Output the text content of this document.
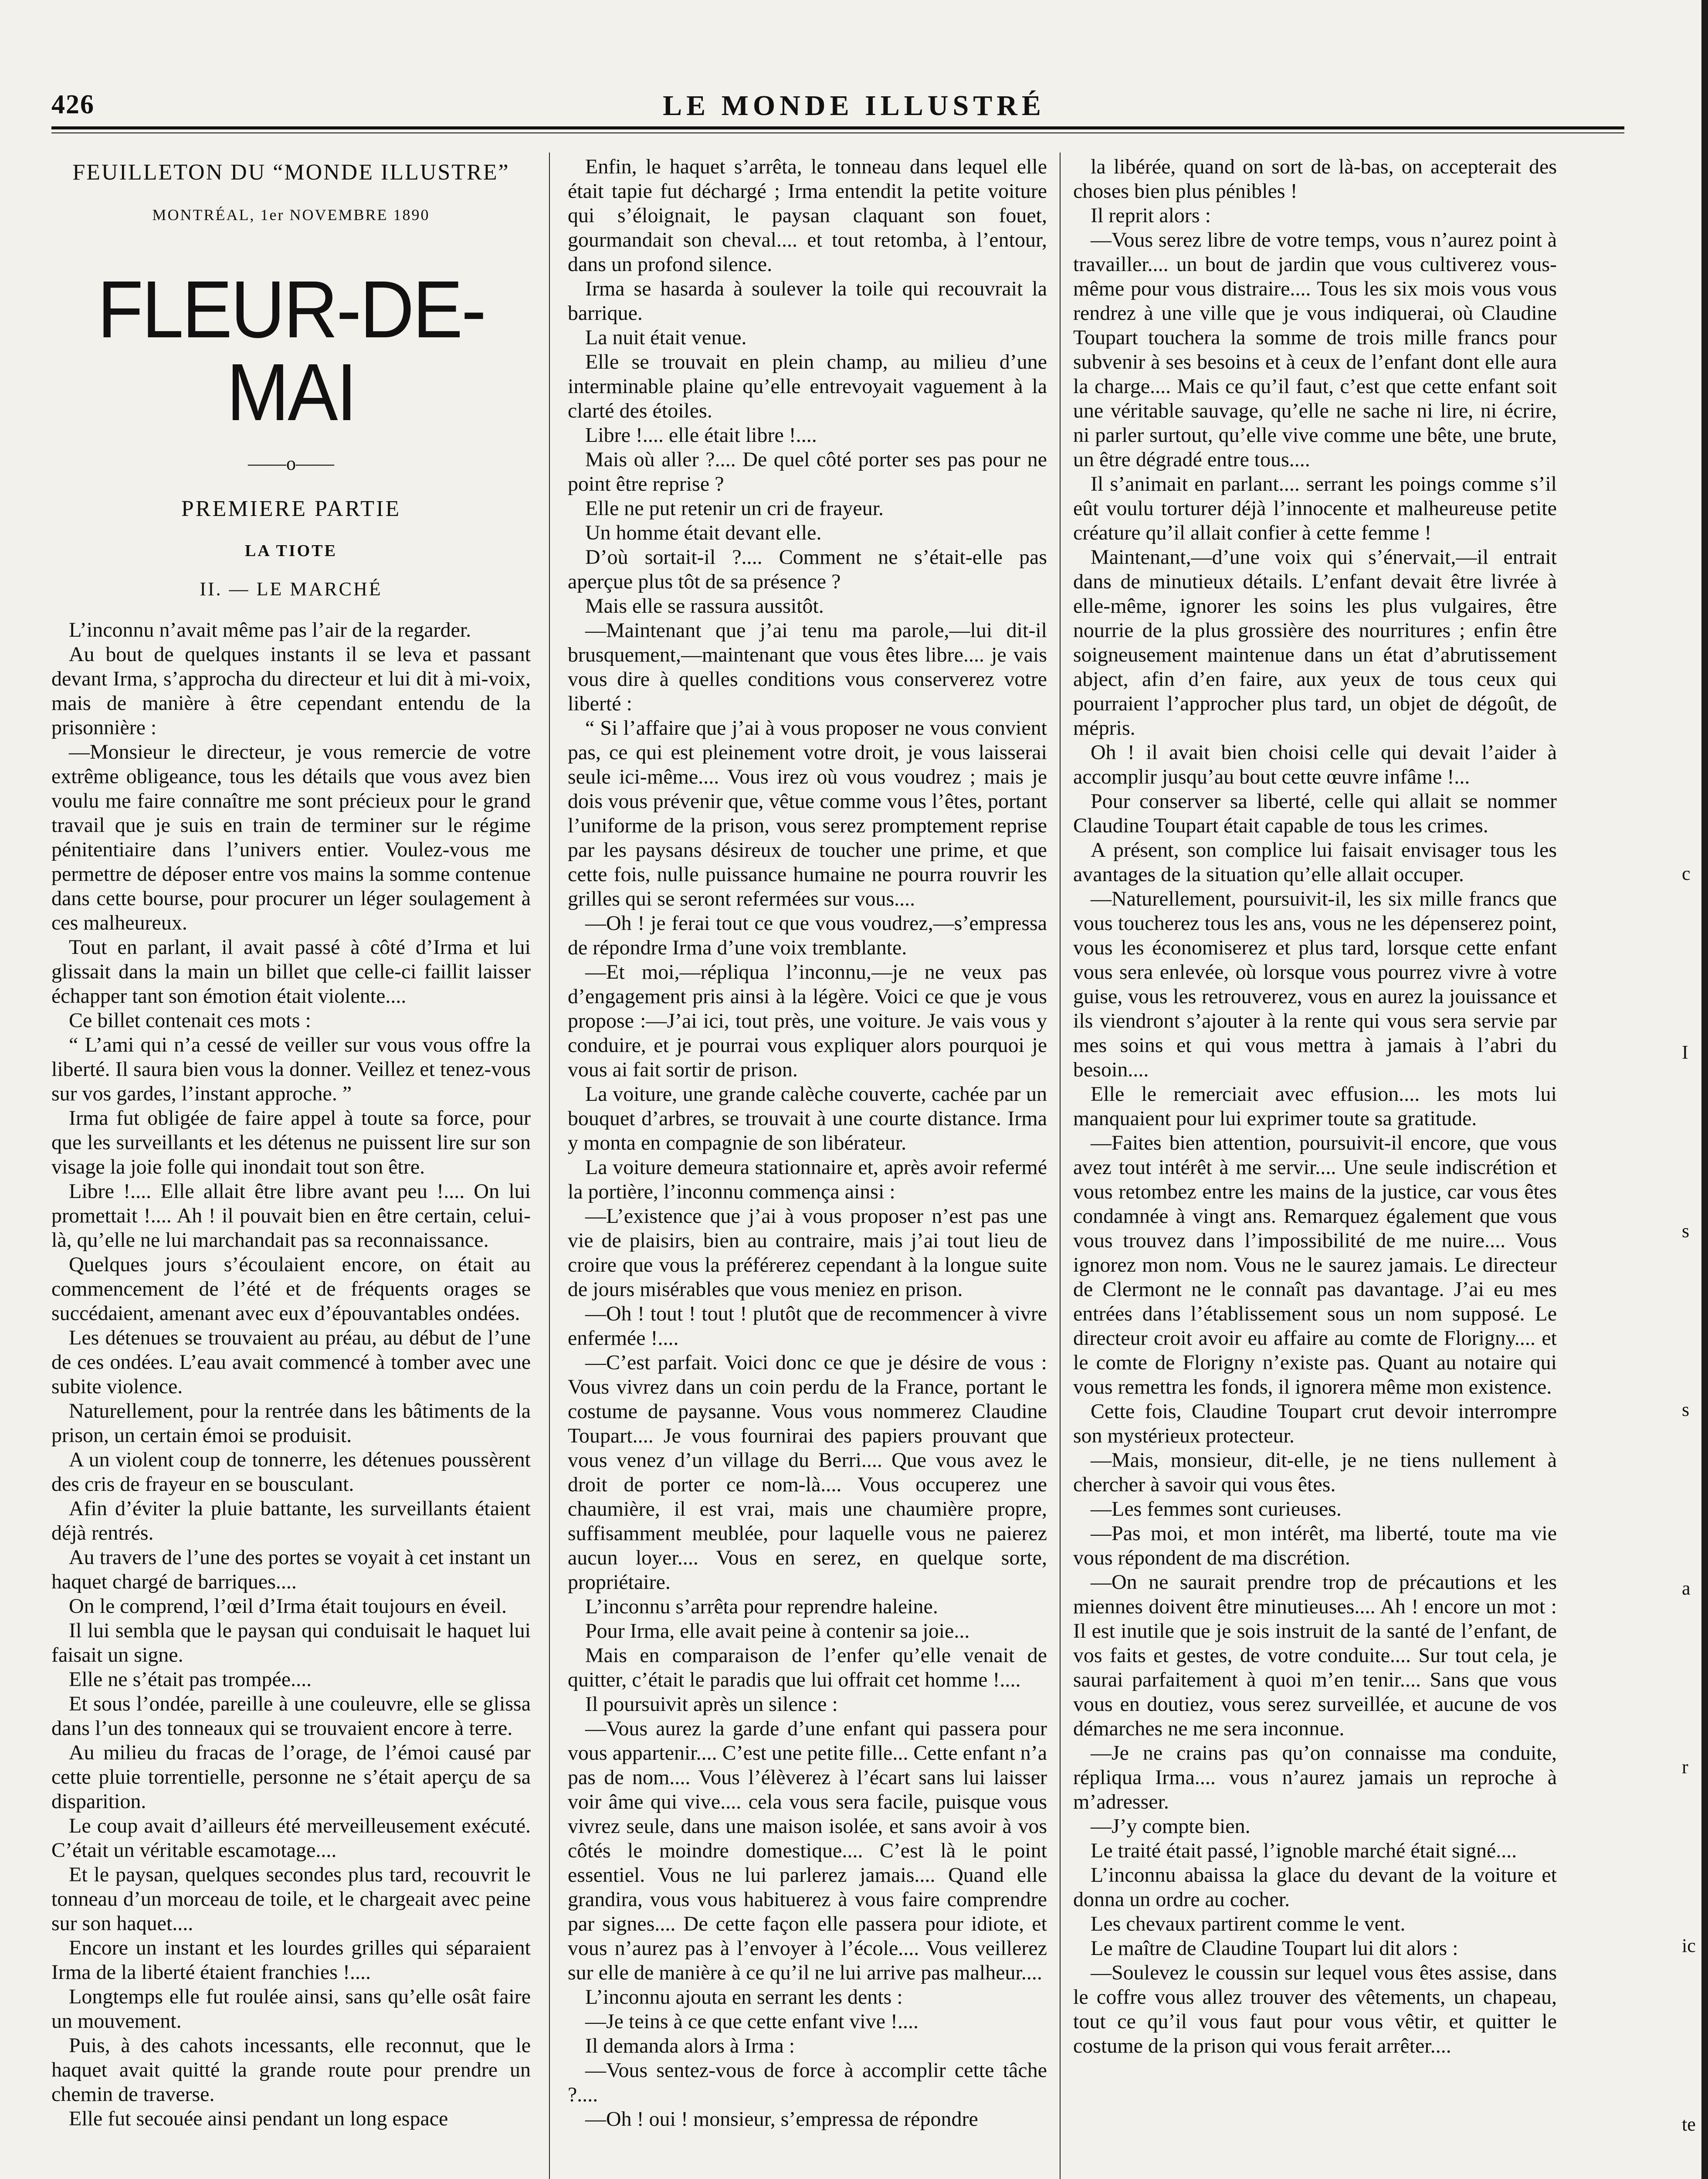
426	LE MONDE ILLUSTRÉ
FEUILLETON DU “MONDE ILLUSTRE”
MONTRÉAL, 1er NOVEMBRE 1890
FLEUR-DE-MAI
——o——
PREMIERE PARTIE
LA TIOTE
II. — LE MARCHÉ

L’inconnu n’avait même pas l’air de la regarder.

Au bout de quelques instants il se leva et passant devant Irma, s’approcha du directeur et lui dit à mi-voix, mais de manière à être cependant entendu de la prisonnière :

—Monsieur le directeur, je vous remercie de votre extrême obligeance, tous les détails que vous avez bien voulu me faire connaître me sont précieux pour le grand travail que je suis en train de terminer sur le régime pénitentiaire dans l’univers entier. Voulez-vous me permettre de déposer entre vos mains la somme contenue dans cette bourse, pour procurer un léger soulagement à ces malheureux.

Tout en parlant, il avait passé à côté d’Irma et lui glissait dans la main un billet que celle-ci faillit laisser échapper tant son émotion était violente....

Ce billet contenait ces mots :

“ L’ami qui n’a cessé de veiller sur vous vous offre la liberté. Il saura bien vous la donner. Veillez et tenez-vous sur vos gardes, l’instant approche. ”

Irma fut obligée de faire appel à toute sa force, pour que les surveillants et les détenus ne puissent lire sur son visage la joie folle qui inondait tout son être.

Libre !.... Elle allait être libre avant peu !.... On lui promettait !.... Ah ! il pouvait bien en être certain, celui-là, qu’elle ne lui marchandait pas sa reconnaissance.

Quelques jours s’écoulaient encore, on était au commencement de l’été et de fréquents orages se succédaient, amenant avec eux d’épouvantables ondées.

Les détenues se trouvaient au préau, au début de l’une de ces ondées. L’eau avait commencé à tomber avec une subite violence.

Naturellement, pour la rentrée dans les bâtiments de la prison, un certain émoi se produisit.

A un violent coup de tonnerre, les détenues poussèrent des cris de frayeur en se bousculant.

Afin d’éviter la pluie battante, les surveillants étaient déjà rentrés.

Au travers de l’une des portes se voyait à cet instant un haquet chargé de barriques....

On le comprend, l’œil d’Irma était toujours en éveil.

Il lui sembla que le paysan qui conduisait le haquet lui faisait un signe.

Elle ne s’était pas trompée....

Et sous l’ondée, pareille à une couleuvre, elle se glissa dans l’un des tonneaux qui se trouvaient encore à terre.

Au milieu du fracas de l’orage, de l’émoi causé par cette pluie torrentielle, personne ne s’était aperçu de sa disparition.

Le coup avait d’ailleurs été merveilleusement exécuté. C’était un véritable escamotage....

Et le paysan, quelques secondes plus tard, recouvrit le tonneau d’un morceau de toile, et le chargeait avec peine sur son haquet....

Encore un instant et les lourdes grilles qui séparaient Irma de la liberté étaient franchies !....

Longtemps elle fut roulée ainsi, sans qu’elle osât faire un mouvement.

Puis, à des cahots incessants, elle reconnut, que le haquet avait quitté la grande route pour prendre un chemin de traverse.

Elle fut secouée ainsi pendant un long espace

Enfin, le haquet s’arrêta, le tonneau dans lequel elle était tapie fut déchargé ; Irma entendit la petite voiture qui s’éloignait, le paysan claquant son fouet, gourmandait son cheval.... et tout retomba, à l’entour, dans un profond silence.

Irma se hasarda à soulever la toile qui recouvrait la barrique.

La nuit était venue.

Elle se trouvait en plein champ, au milieu d’une interminable plaine qu’elle entrevoyait vaguement à la clarté des étoiles.

Libre !.... elle était libre !....

Mais où aller ?.... De quel côté porter ses pas pour ne point être reprise ?

Elle ne put retenir un cri de frayeur.

Un homme était devant elle.

D’où sortait-il ?.... Comment ne s’était-elle pas aperçue plus tôt de sa présence ?

Mais elle se rassura aussitôt.

—Maintenant que j’ai tenu ma parole,—lui dit-il brusquement,—maintenant que vous êtes libre.... je vais vous dire à quelles conditions vous conserverez votre liberté :

“ Si l’affaire que j’ai à vous proposer ne vous convient pas, ce qui est pleinement votre droit, je vous laisserai seule ici-même.... Vous irez où vous voudrez ; mais je dois vous prévenir que, vêtue comme vous l’êtes, portant l’uniforme de la prison, vous serez promptement reprise par les paysans désireux de toucher une prime, et que cette fois, nulle puissance humaine ne pourra rouvrir les grilles qui se seront refermées sur vous....

—Oh ! je ferai tout ce que vous voudrez,—s’empressa de répondre Irma d’une voix tremblante.

—Et moi,—répliqua l’inconnu,—je ne veux pas d’engagement pris ainsi à la légère. Voici ce que je vous propose :—J’ai ici, tout près, une voiture. Je vais vous y conduire, et je pourrai vous expliquer alors pourquoi je vous ai fait sortir de prison.

La voiture, une grande calèche couverte, cachée par un bouquet d’arbres, se trouvait à une courte distance. Irma y monta en compagnie de son libérateur.

La voiture demeura stationnaire et, après avoir refermé la portière, l’inconnu commença ainsi :

—L’existence que j’ai à vous proposer n’est pas une vie de plaisirs, bien au contraire, mais j’ai tout lieu de croire que vous la préférerez cependant à la longue suite de jours misérables que vous meniez en prison.

—Oh ! tout ! tout ! plutôt que de recommencer à vivre enfermée !....

—C’est parfait. Voici donc ce que je désire de vous : Vous vivrez dans un coin perdu de la France, portant le costume de paysanne. Vous vous nommerez Claudine Toupart.... Je vous fournirai des papiers prouvant que vous venez d’un village du Berri.... Que vous avez le droit de porter ce nom-là.... Vous occuperez une chaumière, il est vrai, mais une chaumière propre, suffisamment meublée, pour laquelle vous ne paierez aucun loyer.... Vous en serez, en quelque sorte, propriétaire.

L’inconnu s’arrêta pour reprendre haleine.

Pour Irma, elle avait peine à contenir sa joie...

Mais en comparaison de l’enfer qu’elle venait de quitter, c’était le paradis que lui offrait cet homme !....

Il poursuivit après un silence :

—Vous aurez la garde d’une enfant qui passera pour vous appartenir.... C’est une petite fille... Cette enfant n’a pas de nom.... Vous l’élèverez à l’écart sans lui laisser voir âme qui vive.... cela vous sera facile, puisque vous vivrez seule, dans une maison isolée, et sans avoir à vos côtés le moindre domestique.... C’est là le point essentiel. Vous ne lui parlerez jamais.... Quand elle grandira, vous vous habituerez à vous faire comprendre par signes.... De cette façon elle passera pour idiote, et vous n’aurez pas à l’envoyer à l’école.... Vous veillerez sur elle de manière à ce qu’il ne lui arrive pas malheur....

L’inconnu ajouta en serrant les dents :

—Je teins à ce que cette enfant vive !....

Il demanda alors à Irma :

—Vous sentez-vous de force à accomplir cette tâche ?....

—Oh ! oui ! monsieur, s’empressa de répondre

la libérée, quand on sort de là-bas, on accepterait des choses bien plus pénibles !

Il reprit alors :

—Vous serez libre de votre temps, vous n’aurez point à travailler.... un bout de jardin que vous cultiverez vous-même pour vous distraire.... Tous les six mois vous vous rendrez à une ville que je vous indiquerai, où Claudine Toupart touchera la somme de trois mille francs pour subvenir à ses besoins et à ceux de l’enfant dont elle aura la charge.... Mais ce qu’il faut, c’est que cette enfant soit une véritable sauvage, qu’elle ne sache ni lire, ni écrire, ni parler surtout, qu’elle vive comme une bête, une brute, un être dégradé entre tous....

Il s’animait en parlant.... serrant les poings comme s’il eût voulu torturer déjà l’innocente et malheureuse petite créature qu’il allait confier à cette femme !

Maintenant,—d’une voix qui s’énervait,—il entrait dans de minutieux détails. L’enfant devait être livrée à elle-même, ignorer les soins les plus vulgaires, être nourrie de la plus grossière des nourritures ; enfin être soigneusement maintenue dans un état d’abrutissement abject, afin d’en faire, aux yeux de tous ceux qui pourraient l’approcher plus tard, un objet de dégoût, de mépris.

Oh ! il avait bien choisi celle qui devait l’aider à accomplir jusqu’au bout cette œuvre infâme !...

Pour conserver sa liberté, celle qui allait se nommer Claudine Toupart était capable de tous les crimes.

A présent, son complice lui faisait envisager tous les avantages de la situation qu’elle allait occuper.

—Naturellement, poursuivit-il, les six mille francs que vous toucherez tous les ans, vous ne les dépenserez point, vous les économiserez et plus tard, lorsque cette enfant vous sera enlevée, où lorsque vous pourrez vivre à votre guise, vous les retrouverez, vous en aurez la jouissance et ils viendront s’ajouter à la rente qui vous sera servie par mes soins et qui vous mettra à jamais à l’abri du besoin....

Elle le remerciait avec effusion.... les mots lui manquaient pour lui exprimer toute sa gratitude.

—Faites bien attention, poursuivit-il encore, que vous avez tout intérêt à me servir.... Une seule indiscrétion et vous retombez entre les mains de la justice, car vous êtes condamnée à vingt ans. Remarquez également que vous vous trouvez dans l’impossibilité de me nuire.... Vous ignorez mon nom. Vous ne le saurez jamais. Le directeur de Clermont ne le connaît pas davantage. J’ai eu mes entrées dans l’établissement sous un nom supposé. Le directeur croit avoir eu affaire au comte de Florigny.... et le comte de Florigny n’existe pas. Quant au notaire qui vous remettra les fonds, il ignorera même mon existence.

Cette fois, Claudine Toupart crut devoir interrompre son mystérieux protecteur.

—Mais, monsieur, dit-elle, je ne tiens nullement à chercher à savoir qui vous êtes.

—Les femmes sont curieuses.

—Pas moi, et mon intérêt, ma liberté, toute ma vie vous répondent de ma discrétion.

—On ne saurait prendre trop de précautions et les miennes doivent être minutieuses.... Ah ! encore un mot : Il est inutile que je sois instruit de la santé de l’enfant, de vos faits et gestes, de votre conduite.... Sur tout cela, je saurai parfaitement à quoi m’en tenir.... Sans que vous vous en doutiez, vous serez surveillée, et aucune de vos démarches ne me sera inconnue.

—Je ne crains pas qu’on connaisse ma conduite, répliqua Irma.... vous n’aurez jamais un reproche à m’adresser.

—J’y compte bien.

Le traité était passé, l’ignoble marché était signé....

L’inconnu abaissa la glace du devant de la voiture et donna un ordre au cocher.

Les chevaux partirent comme le vent.

Le maître de Claudine Toupart lui dit alors :

—Soulevez le coussin sur lequel vous êtes assise, dans le coffre vous allez trouver des vêtements, un chapeau, tout ce qu’il vous faut pour vous vêtir, et quitter le costume de la prison qui vous ferait arrêter....

c
I
s
s
a
r
ic
te
